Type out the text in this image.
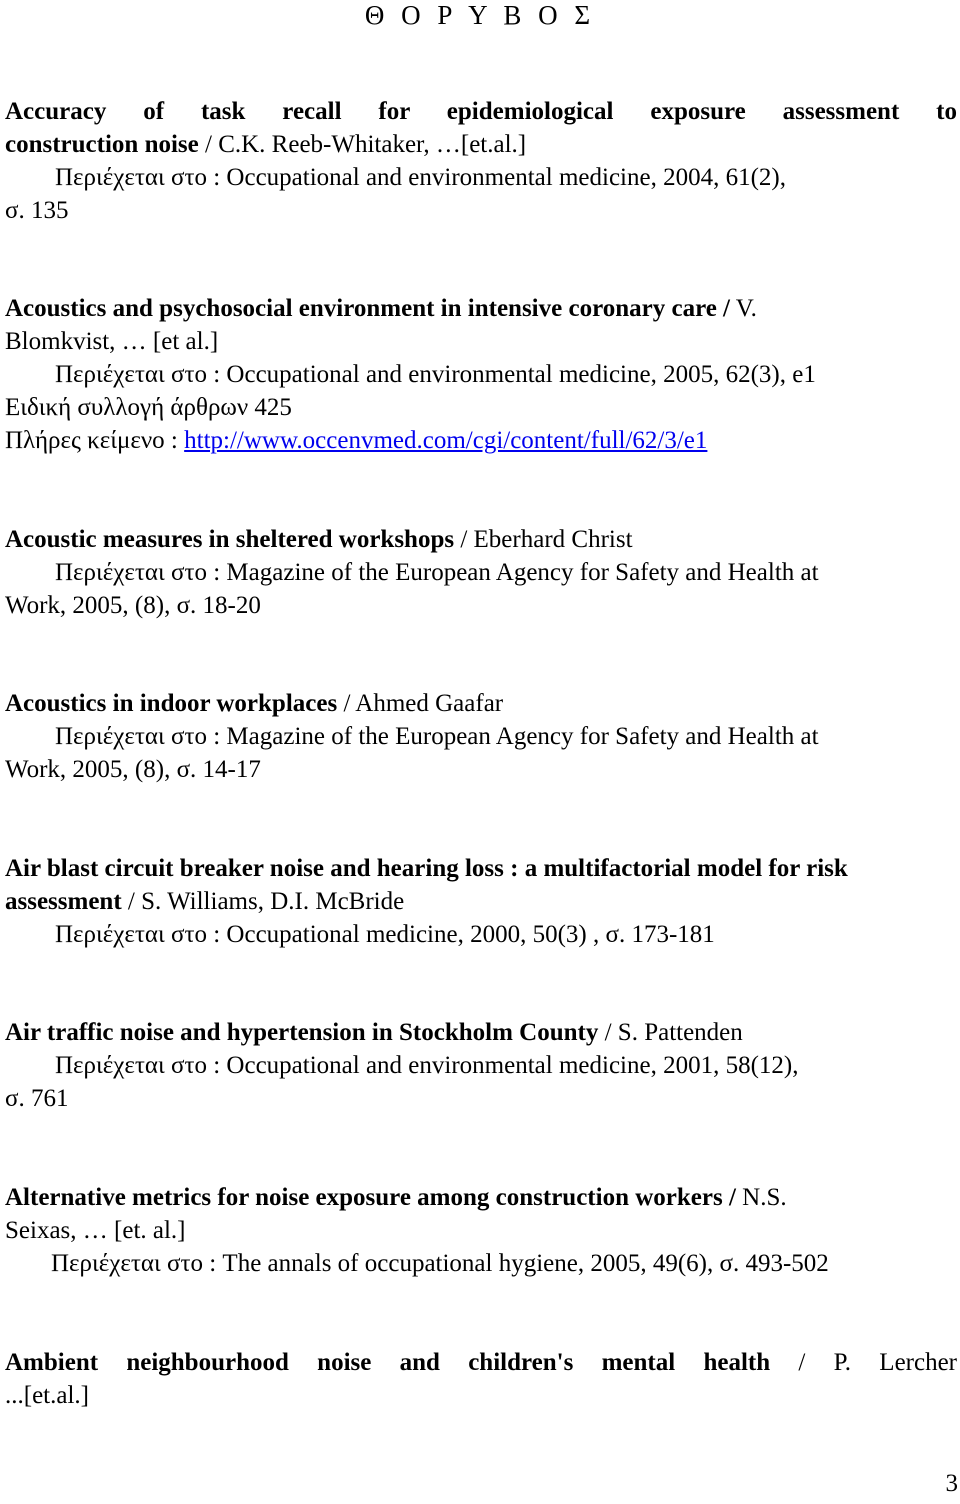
Θ Ο Ρ Υ Β Ο Σ
Accuracy of task recall for epidemiological exposure assessment to
construction noise / C.K. Reeb-Whitaker, …[et.al.]
Περιέχεται στο : Occupational and environmental medicine, 2004, 61(2),
σ. 135
Acoustics and psychosocial environment in intensive coronary care / V.
Blomkvist, … [et al.]
Περιέχεται στο : Occupational and environmental medicine, 2005, 62(3), e1
Ειδική συλλογή άρθρων 425
Πλήρες κείμενο : http://www.occenvmed.com/cgi/content/full/62/3/e1
Acoustic measures in sheltered workshops / Eberhard Christ
Περιέχεται στο : Magazine of the European Agency for Safety and Health at
Work, 2005, (8), σ. 18-20
Acoustics in indoor workplaces / Ahmed Gaafar
Περιέχεται στο : Magazine of the European Agency for Safety and Health at
Work, 2005, (8), σ. 14-17
Air blast circuit breaker noise and hearing loss : a multifactorial model for risk
assessment / S. Williams, D.I. McBride
Περιέχεται στο : Occupational medicine, 2000, 50(3) , σ. 173-181
Air traffic noise and hypertension in Stockholm County / S. Pattenden
Περιέχεται στο : Occupational and environmental medicine, 2001, 58(12),
σ. 761
Alternative metrics for noise exposure among construction workers / N.S.
Seixas, … [et. al.]
Περιέχεται στο : The annals of occupational hygiene, 2005, 49(6), σ. 493-502
Ambient neighbourhood noise and children's mental health / P. Lercher
...[et.al.]
3
